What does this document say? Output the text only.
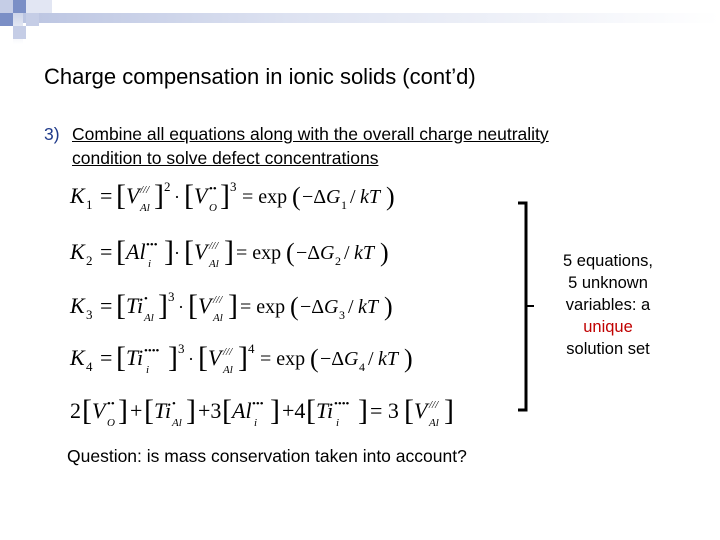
Charge compensation in ionic solids (cont’d)
3) Combine all equations along with the overall charge neutrality
condition to solve defect concentrations
K 1 = [ V ///
Al ] 2
· [ V ••
O ] 3 = exp ( −Δ G 1 / kT )
K 2 = [ Al •••
i ] · [ V ///
Al ] = exp ( −Δ G 2 / kT )
K 3 = [ Ti •
Al ] 3
· [ V ///
Al ] = exp ( −Δ G 3 / kT )
K 4 = [ Ti ••••
i ] 3
· [ V ///
Al ] 4 = exp ( −Δ G 4 / kT )
2 [ V ••
O ] + [ Ti •
Al ] +3 [ Al •••
i ] +4 [ Ti ••••
i ] = 3 [ V ///
Al ]
5 equations,
5 unknown
variables: a
unique
solution set
Question: is mass conservation taken into account?
